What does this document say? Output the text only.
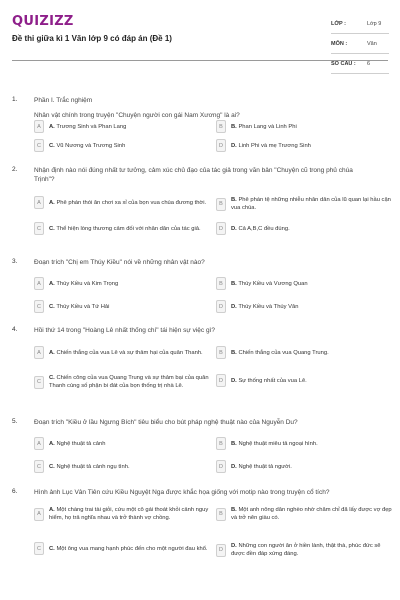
QUIZIZZ
Đề thi giữa kì 1 Văn lớp 9 có đáp án (Đề 1)
LỚP :	Lớp 9
MÔN :	Văn
SỐ CÂU :	6
1.	Phần I. Trắc nghiệm
Nhân vật chính trong truyện "Chuyện người con gái Nam Xương" là ai?
A	A. Trương Sinh và Phan Lang	B	B. Phan Lang và Linh Phi
C	C. Vũ Nương và Trương Sinh	D	D. Linh Phi và mẹ Trương Sinh
2.	Nhận định nào nói đúng nhất tư tưởng, cảm xúc chủ đạo của tác giả trong văn bản "Chuyện cũ trong phủ chúa
Trịnh"?
A	A. Phê phán thói ăn chơi xa xỉ của bọn vua chúa đương thời.	B
B. Phê phán tệ những nhiễu nhân dân của lũ quan lại hầu cận vua chúa.
C	C. Thể hiện lòng thương cảm đối với nhân dân của tác giả.	D	D. Cả A,B,C đều đúng.
3.	Đoạn trích "Chị em Thúy Kiều" nói về những nhân vật nào?
A	A. Thúy Kiều và Kim Trọng	B	B. Thúy Kiều và Vương Quan
C	C. Thúy Kiều và Tứ Hải	D	D. Thúy Kiều và Thúy Vân
4.	Hồi thứ 14 trong "Hoàng Lê nhất thống chí" tái hiện sự việc gì?
A	A. Chiến thắng của vua Lê và sự thảm hại của quân Thanh.	B	B. Chiến thắng của vua Quang Trung.
C
C. Chiến công của vua Quang Trung và sự thảm bại của quân Thanh cùng số phận bi đát của bọn thống trị nhà Lê.
D	D. Sự thống nhất của vua Lê.
5.	Đoạn trích "Kiều ở lầu Ngưng Bích" tiêu biểu cho bút pháp nghệ thuật nào của Nguyễn Du?
A	A. Nghệ thuật tả cảnh	B	B. Nghệ thuật miêu tả ngoại hình.
C	C. Nghệ thuật tả cảnh ngụ tình.	D	D. Nghệ thuật tả người.
6.	Hình ảnh Lục Vân Tiên cứu Kiều Nguyệt Nga được khắc họa giống với motip nào trong truyện cổ tích?
A
A. Một chàng trai tài giỏi, cứu một cô gái thoát khỏi cảnh nguy hiểm, họ trả nghĩa nhau và trở thành vợ chồng.
B
B. Một anh nông dân nghèo nhờ chăm chỉ đã lấy được vợ đẹp và trở nên giàu có.
C	C. Một ông vua mang hạnh phúc đến cho một người đau khổ.	D
D. Những con người ăn ở hiền lành, thật thà, phúc đức sẽ được đền đáp xứng đáng.
